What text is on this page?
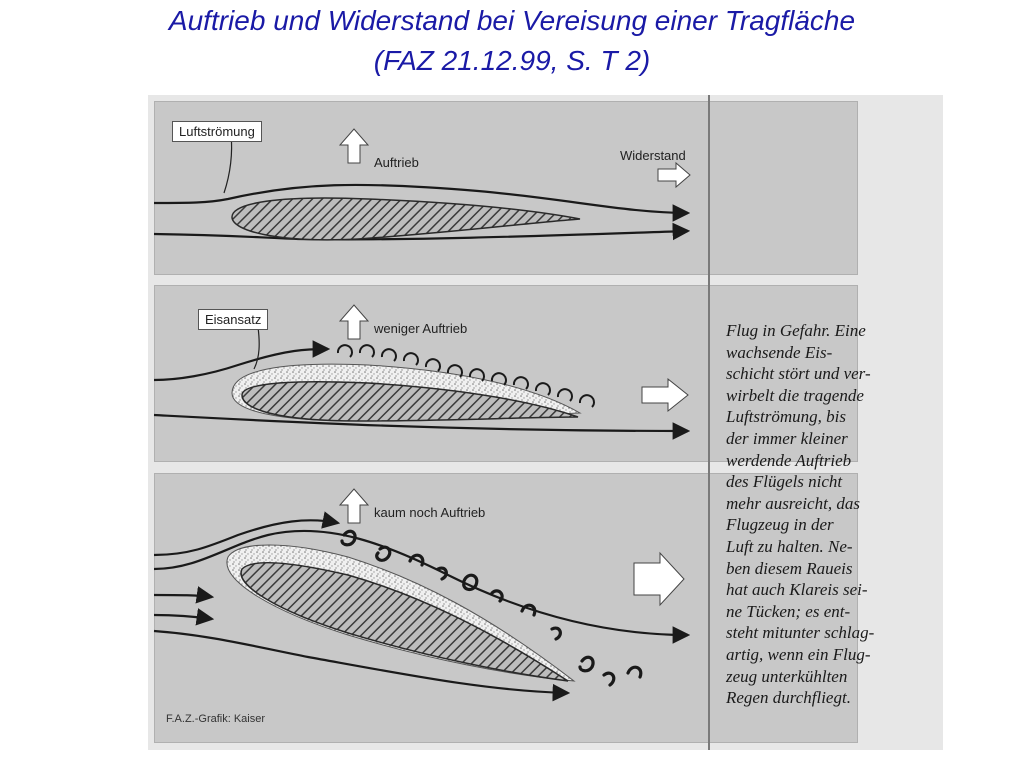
Auftrieb und Widerstand bei Vereisung einer Tragfläche
(FAZ 21.12.99, S. T 2)
Luftströmung
Auftrieb	Widerstand
Eisansatz
weniger Auftrieb
kaum noch Auftrieb
F.A.Z.-Grafik: Kaiser
Flug in Gefahr. Eine
wachsende Eis-
schicht stört und ver-
wirbelt die tragende
Luftströmung, bis
der immer kleiner
werdende Auftrieb
des Flügels nicht
mehr ausreicht, das
Flugzeug in der
Luft zu halten. Ne-
ben diesem Raueis
hat auch Klareis sei-
ne Tücken; es ent-
steht mitunter schlag-
artig, wenn ein Flug-
zeug unterkühlten
Regen durchfliegt.
